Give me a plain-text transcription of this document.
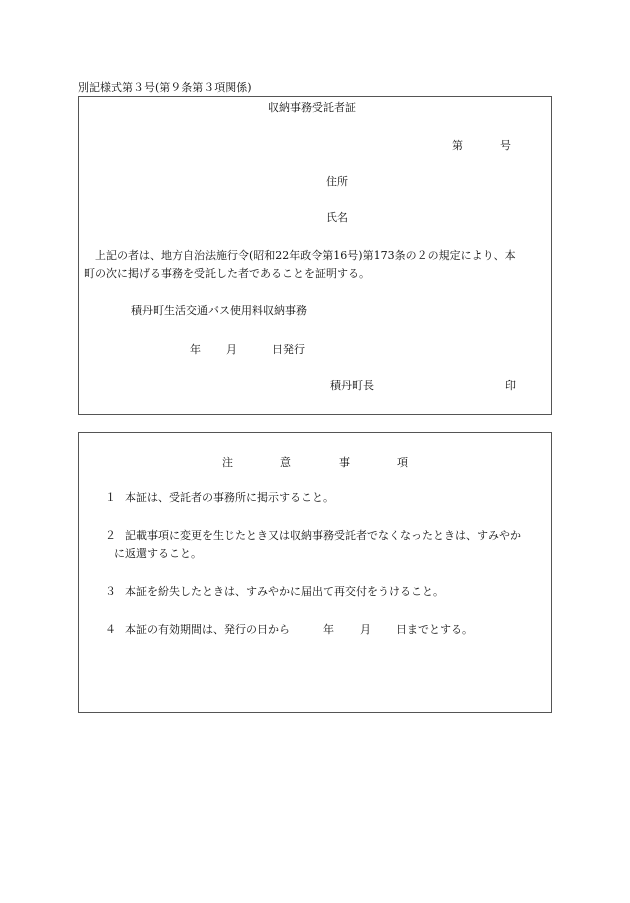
別記様式第３号(第９条第３項関係)
収納事務受託者証
第	号
住所
氏名
上記の者は、地方自治法施行令(昭和22年政令第16号)第173条の２の規定により、本
町の次に掲げる事務を受託した者であることを証明する。
積丹町生活交通バス使用料収納事務
年 月	日発行
積丹町長	印
注	意	事	項
１ 本証は、受託者の事務所に掲示すること。
２ 記載事項に変更を生じたとき又は収納事務受託者でなくなったときは、すみやか
に返還すること。
３ 本証を紛失したときは、すみやかに届出て再交付をうけること。
４ 本証の有効期間は、発行の日から	年 月 日までとする。
